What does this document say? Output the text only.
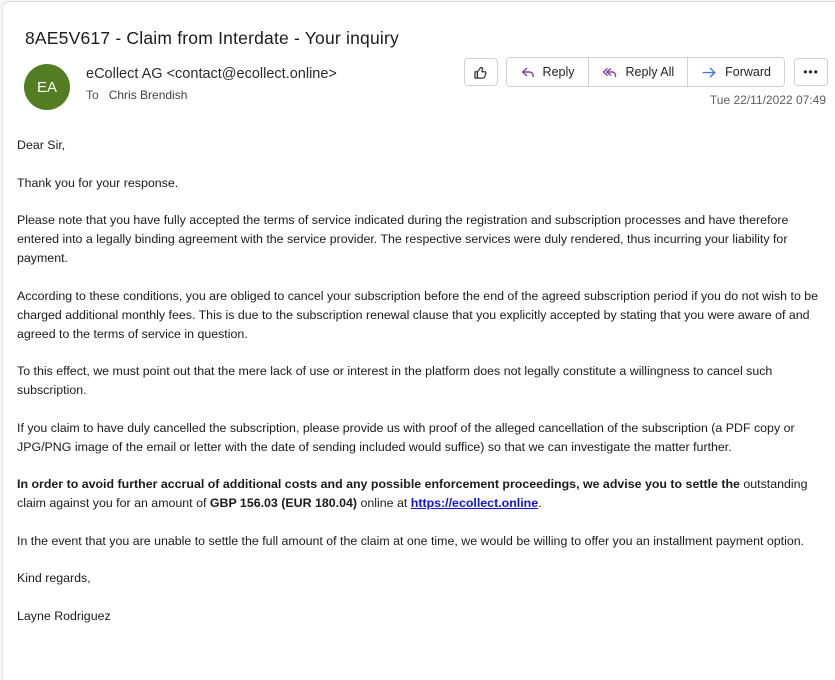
8AE5V617 - Claim from Interdate - Your inquiry
Reply	Reply All	Forward	•••
Tue 22/11/2022 07:49
EA
eCollect AG <contact@ecollect.online>
To Chris Brendish

Dear Sir,

Thank you for your response.

Please note that you have fully accepted the terms of service indicated during the registration and subscription processes and have therefore entered into a legally binding agreement with the service provider. The respective services were duly rendered, thus incurring your liability for payment.

According to these conditions, you are obliged to cancel your subscription before the end of the agreed subscription period if you do not wish to be charged additional monthly fees. This is due to the subscription renewal clause that you explicitly accepted by stating that you were aware of and agreed to the terms of service in question.

To this effect, we must point out that the mere lack of use or interest in the platform does not legally constitute a willingness to cancel such subscription.

If you claim to have duly cancelled the subscription, please provide us with proof of the alleged cancellation of the subscription (a PDF copy or JPG/PNG image of the email or letter with the date of sending included would suffice) so that we can investigate the matter further.

In order to avoid further accrual of additional costs and any possible enforcement proceedings, we advise you to settle the outstanding claim against you for an amount of GBP 156.03 (EUR 180.04) online at https://ecollect.online.

In the event that you are unable to settle the full amount of the claim at one time, we would be willing to offer you an installment payment option.

Kind regards,

Layne Rodriguez
